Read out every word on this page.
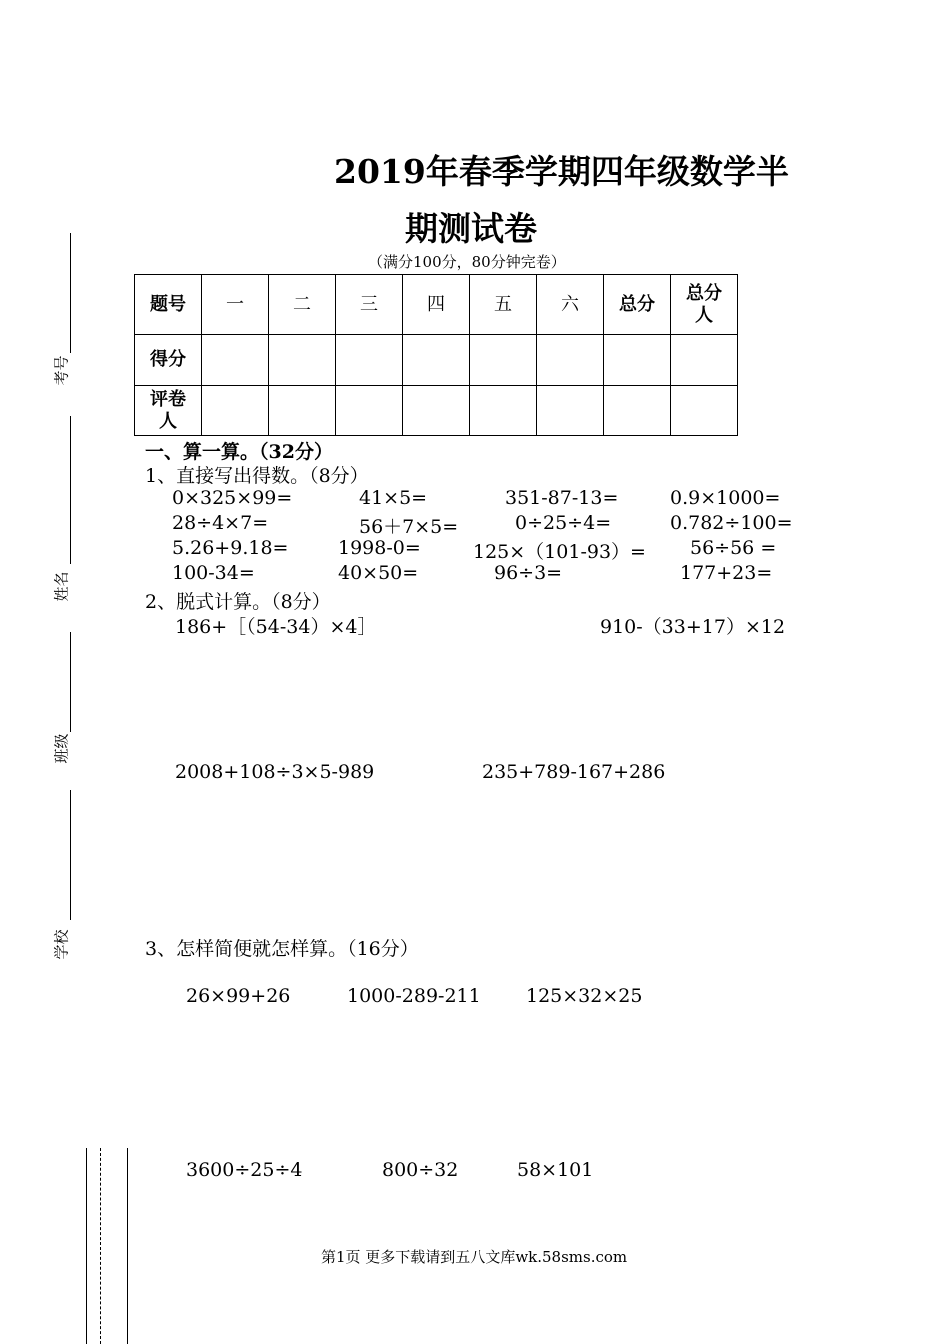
考号
姓名
班级
学校
2019年春季学期四年级数学半
期测试卷
（满分100分，80分钟完卷）
题号	一	二	三	四	五	六	总分	总分人
得分								
评卷人								
一、算一算。（32分）
1、直接写出得数。（8分）
0×325×99=	41×5=	351-87-13=	0.9×1000=
28÷4×7=	56＋7×5=	0÷25÷4=	0.782÷100=
5.26+9.18=	1998-0=	125×（101-93）= 56÷56 =
100-34=	40×50=	96÷3=	177+23=
2、脱式计算。（8分）
186+［（54-34）×4］	910-（33+17）×12
2008+108÷3×5-989	235+789-167+286
3、怎样简便就怎样算。（16分）
26×99+26	1000-289-211 125×32×25
3600÷25÷4	800÷32	58×101
第1页 更多下载请到五八文库wk.58sms.com
